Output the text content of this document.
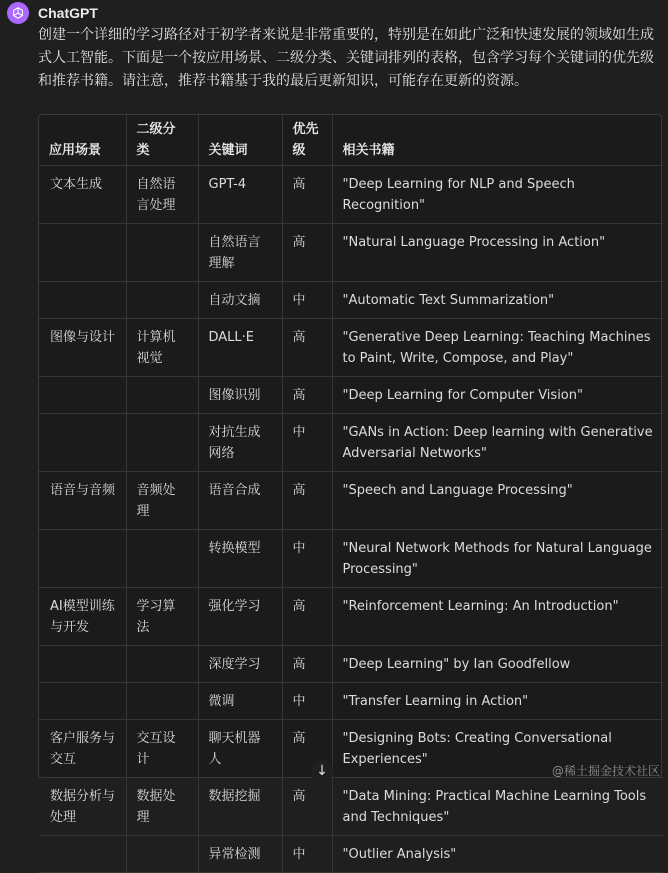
ChatGPT

创建一个详细的学习路径对于初学者来说是非常重要的，特别是在如此广泛和快速发展的领域如生成式人工智能。下面是一个按应用场景、二级分类、关键词排列的表格，包含学习每个关键词的优先级和推荐书籍。请注意，推荐书籍基于我的最后更新知识，可能存在更新的资源。

应用场景	二级分类	关键词	优先级	相关书籍
文本生成	自然语言处理	GPT-4	高	"Deep Learning for NLP and Speech Recognition"
		自然语言理解	高	"Natural Language Processing in Action"
		自动文摘	中	"Automatic Text Summarization"
图像与设计	计算机视觉	DALL·E	高	"Generative Deep Learning: Teaching Machines to Paint, Write, Compose, and Play"
		图像识别	高	"Deep Learning for Computer Vision"
		对抗生成网络	中	"GANs in Action: Deep learning with Generative Adversarial Networks"
语音与音频	音频处理	语音合成	高	"Speech and Language Processing"
		转换模型	中	"Neural Network Methods for Natural Language Processing"
AI模型训练与开发	学习算法	强化学习	高	"Reinforcement Learning: An Introduction"
		深度学习	高	"Deep Learning" by Ian Goodfellow
		微调	中	"Transfer Learning in Action"
客户服务与交互	交互设计	聊天机器人	高	"Designing Bots: Creating Conversational Experiences"
数据分析与处理	数据处理	数据挖掘	高	"Data Mining: Practical Machine Learning Tools and Techniques"
		异常检测	中	"Outlier Analysis"
↓	@稀土掘金技术社区
